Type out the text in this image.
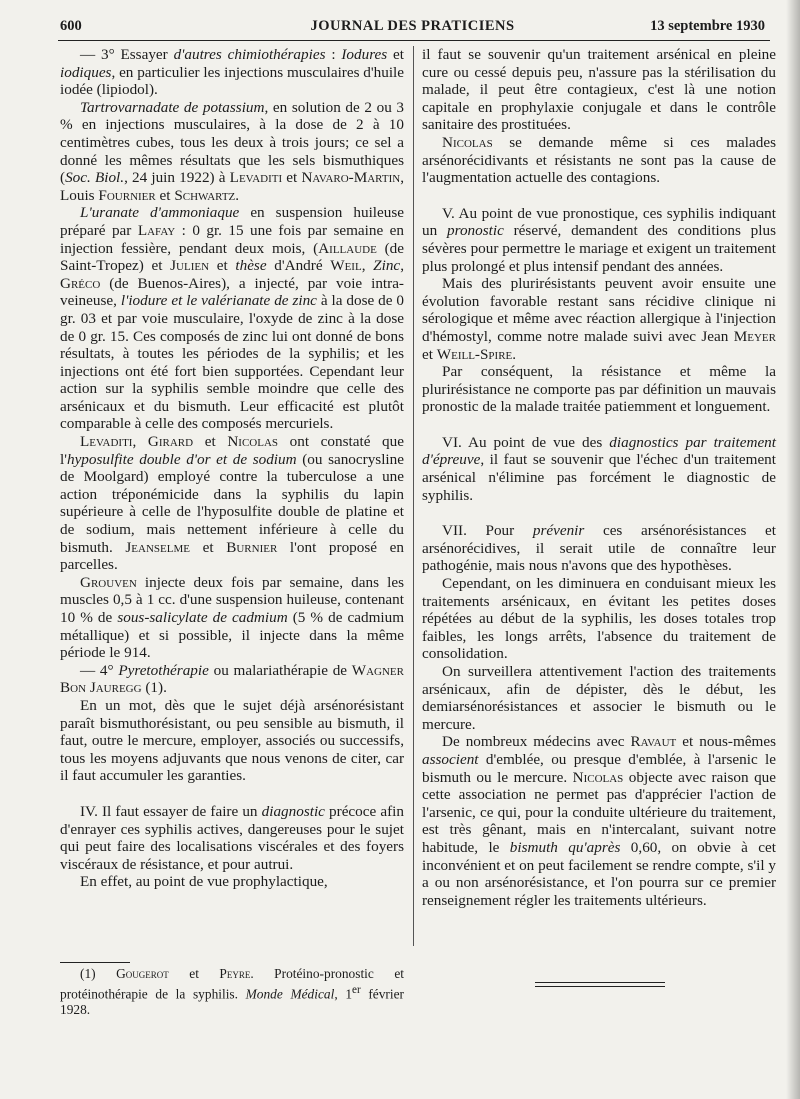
600	JOURNAL DES PRATICIENS	13 septembre 1930

— 3° Essayer d'autres chimiothérapies : Iodures et iodiques, en particulier les injections musculaires d'huile iodée (lipiodol).

Tartrovarnadate de potassium, en solution de 2 ou 3 % en injections musculaires, à la dose de 2 à 10 centimètres cubes, tous les deux à trois jours; ce sel a donné les mêmes résultats que les sels bismuthiques (Soc. Biol., 24 juin 1922) à Levaditi et Navaro-Martin, Louis Fournier et Schwartz.

L'uranate d'ammoniaque en suspension huileuse préparé par Lafay : 0 gr. 15 une fois par semaine en injection fessière, pendant deux mois, (Aillaude (de Saint-Tropez) et Julien et thèse d'André Weil, Zinc, Gréco (de Buenos-Aires), a injecté, par voie intra-veineuse, l'iodure et le valérianate de zinc à la dose de 0 gr. 03 et par voie musculaire, l'oxyde de zinc à la dose de 0 gr. 15. Ces composés de zinc lui ont donné de bons résultats, à toutes les périodes de la syphilis; et les injections ont été fort bien supportées. Cependant leur action sur la syphilis semble moindre que celle des arsénicaux et du bismuth. Leur efficacité est plutôt comparable à celle des composés mercuriels.

Levaditi, Girard et Nicolas ont constaté que l'hyposulfite double d'or et de sodium (ou sanocrysline de Moolgard) employé contre la tuberculose a une action tréponémicide dans la syphilis du lapin supérieure à celle de l'hyposulfite double de platine et de sodium, mais nettement inférieure à celle du bismuth. Jeanselme et Burnier l'ont proposé en parcelles.

Grouven injecte deux fois par semaine, dans les muscles 0,5 à 1 cc. d'une suspension huileuse, contenant 10 % de sous-salicylate de cadmium (5 % de cadmium métallique) et si possible, il injecte dans la même période le 914.

— 4° Pyretothérapie ou malariathérapie de Wagner Bon Jauregg (1).

En un mot, dès que le sujet déjà arsénorésistant paraît bismuthorésistant, ou peu sensible au bismuth, il faut, outre le mercure, employer, associés ou successifs, tous les moyens adjuvants que nous venons de citer, car il faut accumuler les garanties.

IV. Il faut essayer de faire un diagnostic précoce afin d'enrayer ces syphilis actives, dangereuses pour le sujet qui peut faire des localisations viscérales et des foyers viscéraux de résistance, et pour autrui.

En effet, au point de vue prophylactique,

(1) Gougerot et Peyre. Protéino-pronostic et protéinothérapie de la syphilis. Monde Médical, 1er février 1928.

il faut se souvenir qu'un traitement arsénical en pleine cure ou cessé depuis peu, n'assure pas la stérilisation du malade, il peut être contagieux, c'est là une notion capitale en prophylaxie conjugale et dans le contrôle sanitaire des prostituées.

Nicolas se demande même si ces malades arsénorécidivants et résistants ne sont pas la cause de l'augmentation actuelle des contagions.

V. Au point de vue pronostique, ces syphilis indiquant un pronostic réservé, demandent des conditions plus sévères pour permettre le mariage et exigent un traitement plus prolongé et plus intensif pendant des années.

Mais des plurirésistants peuvent avoir ensuite une évolution favorable restant sans récidive clinique ni sérologique et même avec réaction allergique à l'injection d'hémostyl, comme notre malade suivi avec Jean Meyer et Weill-Spire.

Par conséquent, la résistance et même la plurirésistance ne comporte pas par définition un mauvais pronostic de la malade traitée patiemment et longuement.

VI. Au point de vue des diagnostics par traitement d'épreuve, il faut se souvenir que l'échec d'un traitement arsénical n'élimine pas forcément le diagnostic de syphilis.

VII. Pour prévenir ces arsénorésistances et arsénorécidives, il serait utile de connaître leur pathogénie, mais nous n'avons que des hypothèses.

Cependant, on les diminuera en conduisant mieux les traitements arsénicaux, en évitant les petites doses répétées au début de la syphilis, les doses totales trop faibles, les longs arrêts, l'absence du traitement de consolidation.

On surveillera attentivement l'action des traitements arsénicaux, afin de dépister, dès le début, les demiarsénorésistances et associer le bismuth ou le mercure.

De nombreux médecins avec Ravaut et nous-mêmes associent d'emblée, ou presque d'emblée, à l'arsenic le bismuth ou le mercure. Nicolas objecte avec raison que cette association ne permet pas d'apprécier l'action de l'arsenic, ce qui, pour la conduite ultérieure du traitement, est très gênant, mais en n'intercalant, suivant notre habitude, le bismuth qu'après 0,60, on obvie à cet inconvénient et on peut facilement se rendre compte, s'il y a ou non arsénorésistance, et l'on pourra sur ce premier renseignement régler les traitements ultérieurs.
